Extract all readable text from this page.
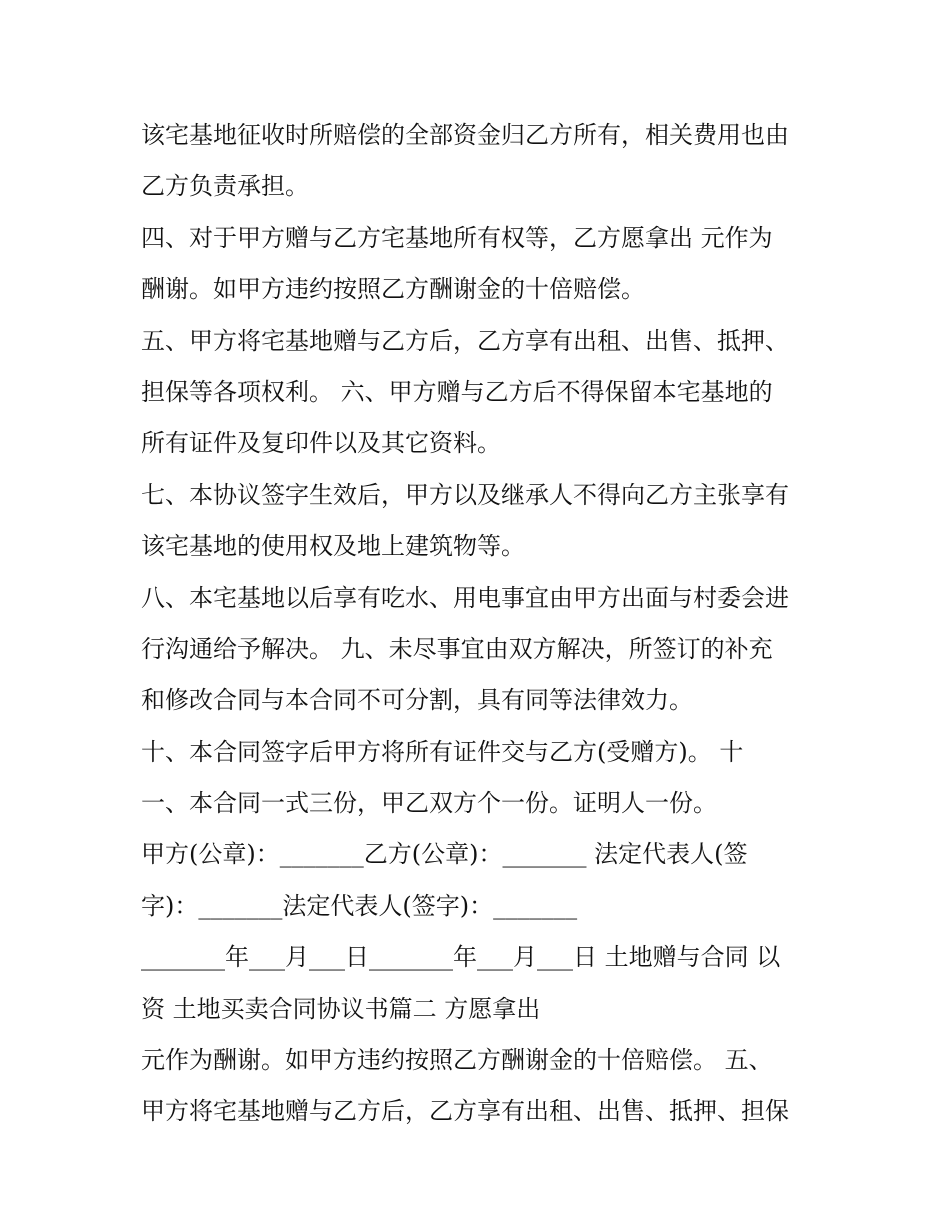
该宅基地征收时所赔偿的全部资金归乙方所有，相关费用也由
乙方负责承担。
四、对于甲方赠与乙方宅基地所有权等，乙方愿拿出 元作为
酬谢。如甲方违约按照乙方酬谢金的十倍赔偿。
五、甲方将宅基地赠与乙方后，乙方享有出租、出售、抵押、
担保等各项权利。 六、甲方赠与乙方后不得保留本宅基地的
所有证件及复印件以及其它资料。
七、本协议签字生效后，甲方以及继承人不得向乙方主张享有
该宅基地的使用权及地上建筑物等。
八、本宅基地以后享有吃水、用电事宜由甲方出面与村委会进
行沟通给予解决。 九、未尽事宜由双方解决，所签订的补充
和修改合同与本合同不可分割，具有同等法律效力。
十、本合同签字后甲方将所有证件交与乙方(受赠方)。 十
一、本合同一式三份，甲乙双方个一份。证明人一份。
甲方(公章)：_______乙方(公章)：_______ 法定代表人(签
字)：_______法定代表人(签字)：_______
_______年___月___日_______年___月___日 土地赠与合同 以
资 土地买卖合同协议书篇二 方愿拿出
元作为酬谢。如甲方违约按照乙方酬谢金的十倍赔偿。 五、
甲方将宅基地赠与乙方后，乙方享有出租、出售、抵押、担保
